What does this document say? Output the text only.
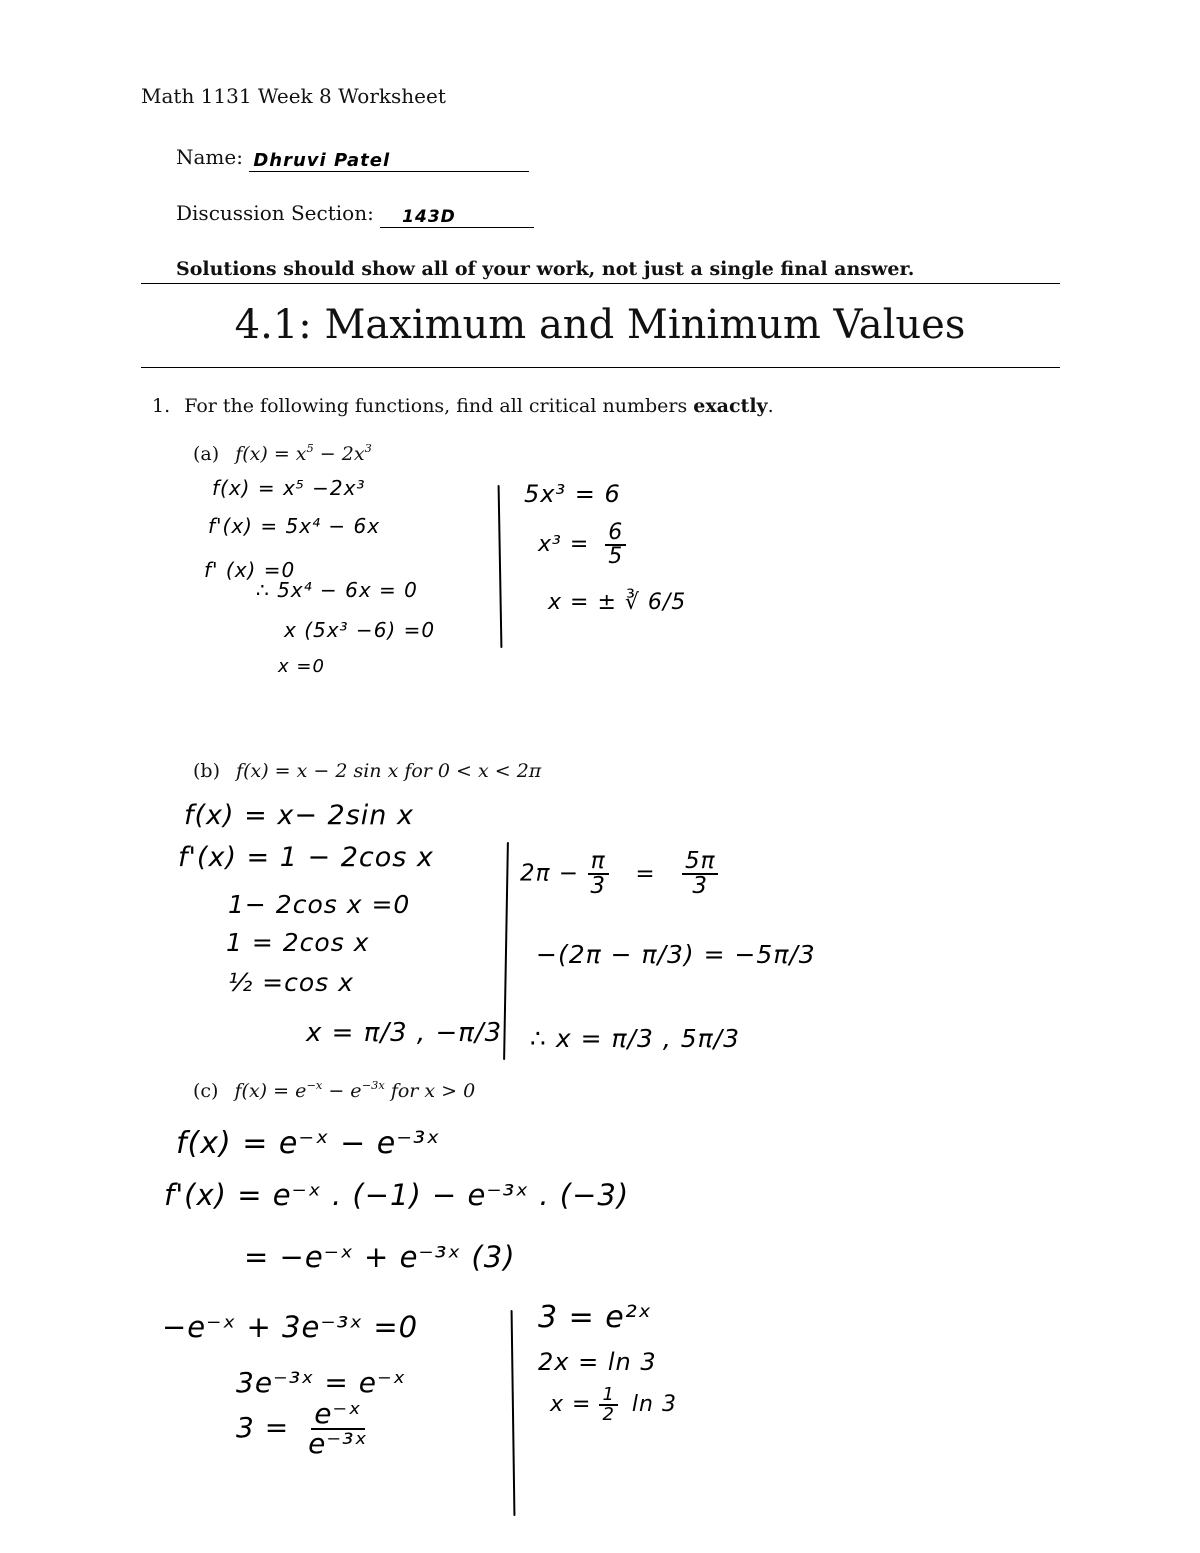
Math 1131 Week 8 Worksheet
Name: Dhruvi Patel
Discussion Section: 143D
Solutions should show all of your work, not just a single final answer.
4.1: Maximum and Minimum Values
1. For the following functions, find all critical numbers exactly.
(a) $f(x) = x^5 - 2x^3$
f(x) = x⁵ −2x³
f'(x) = 5x⁴ − 6x
f' (x) =0
∴ 5x⁴ − 6x = 0
x (5x³ −6) =0
x =0
5x³ = 6
$x^3 = \frac{6}{5}$
x = ± ∛ 6/5
(b) f(x) = x − 2 sin x for 0 < x < 2π
f(x) = x− 2sin x
f'(x) = 1 − 2cos x
1− 2cos x =0
1 = 2cos x
½ =cos x
x = π/3 , −π/3
$2\pi - \frac{\pi}{3} = \frac{5\pi}{3}$
−(2π − π/3) = −5π/3
∴ x = π/3 , 5π/3
(c) $f(x) = e^{-x} - e^{-3x}$ for x > 0
f(x) = e⁻ˣ − e⁻³ˣ
f'(x) = e⁻ˣ . (−1) − e⁻³ˣ . (−3)
= −e⁻ˣ + e⁻³ˣ (3)
−e⁻ˣ + 3e⁻³ˣ =0
3e⁻³ˣ = e⁻ˣ
$3 = \frac{\text{e⁻ˣ}}{\text{e⁻³ˣ}}$
3 = e²ˣ
2x = ln 3
$x = \frac{1}{2}$ ln 3
